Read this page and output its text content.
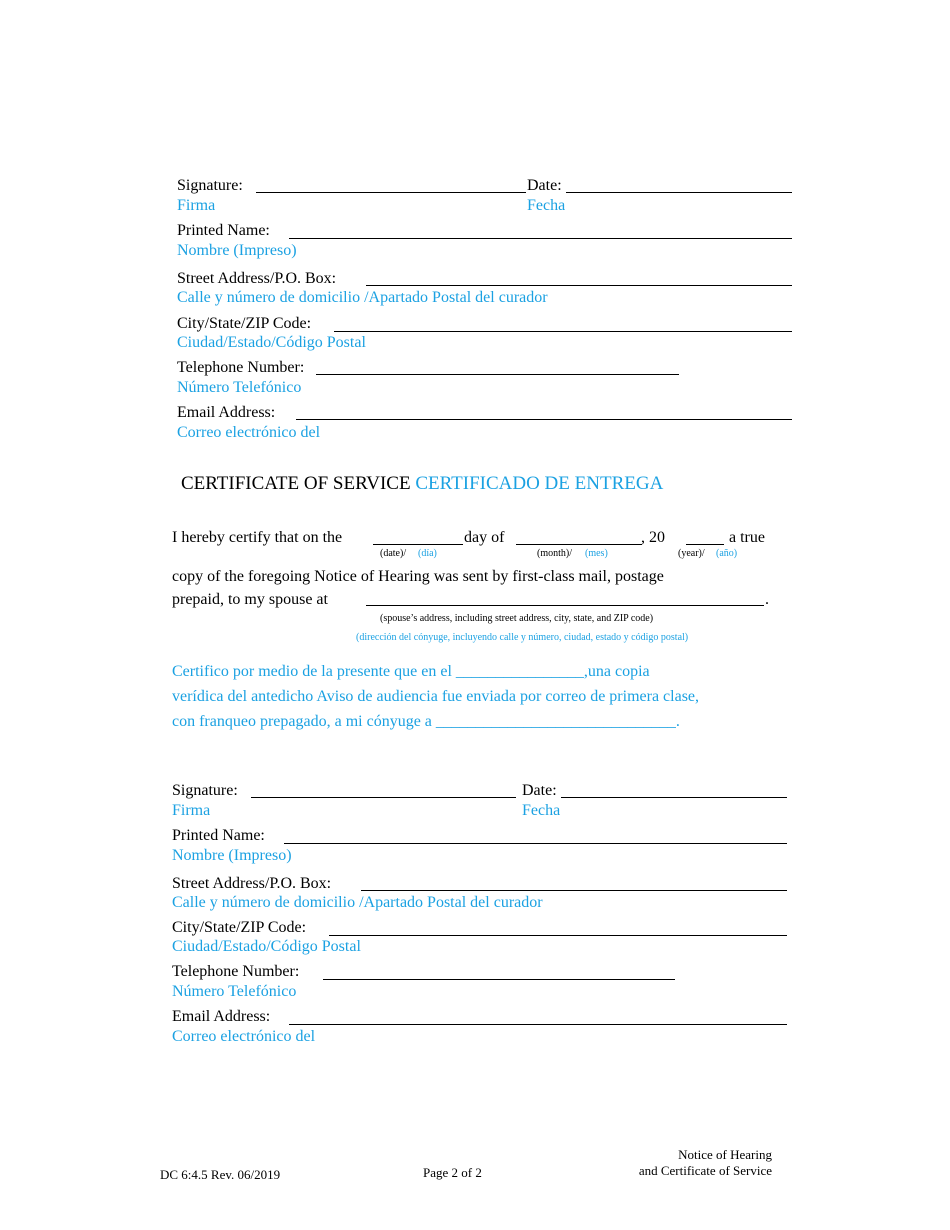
Signature:	Date:
Firma	Fecha
Printed Name:
Nombre (Impreso)
Street Address/P.O. Box:
Calle y número de domicilio /Apartado Postal del curador
City/State/ZIP Code:
Ciudad/Estado/Código Postal
Telephone Number:
Número Telefónico
Email Address:
Correo electrónico del
CERTIFICATE OF SERVICE CERTIFICADO DE ENTREGA
I hereby certify that on the	day of	, 20	a true
(date)/ (día)	(month)/ (mes)	(year)/ (año)
copy of the foregoing Notice of Hearing was sent by first-class mail, postage
prepaid, to my spouse at	.
(spouse’s address, including street address, city, state, and ZIP code)
(dirección del cónyuge, incluyendo calle y número, ciudad, estado y código postal)
Certifico por medio de la presente que en el ________________,una copia
verídica del antedicho Aviso de audiencia fue enviada por correo de primera clase,
con franqueo prepagado, a mi cónyuge a ______________________________.
Signature:	Date:
Firma	Fecha
Printed Name:
Nombre (Impreso)
Street Address/P.O. Box:
Calle y número de domicilio /Apartado Postal del curador
City/State/ZIP Code:
Ciudad/Estado/Código Postal
Telephone Number:
Número Telefónico
Email Address:
Correo electrónico del
DC 6:4.5 Rev. 06/2019	Page 2 of 2
Notice of Hearing
and Certificate of Service
